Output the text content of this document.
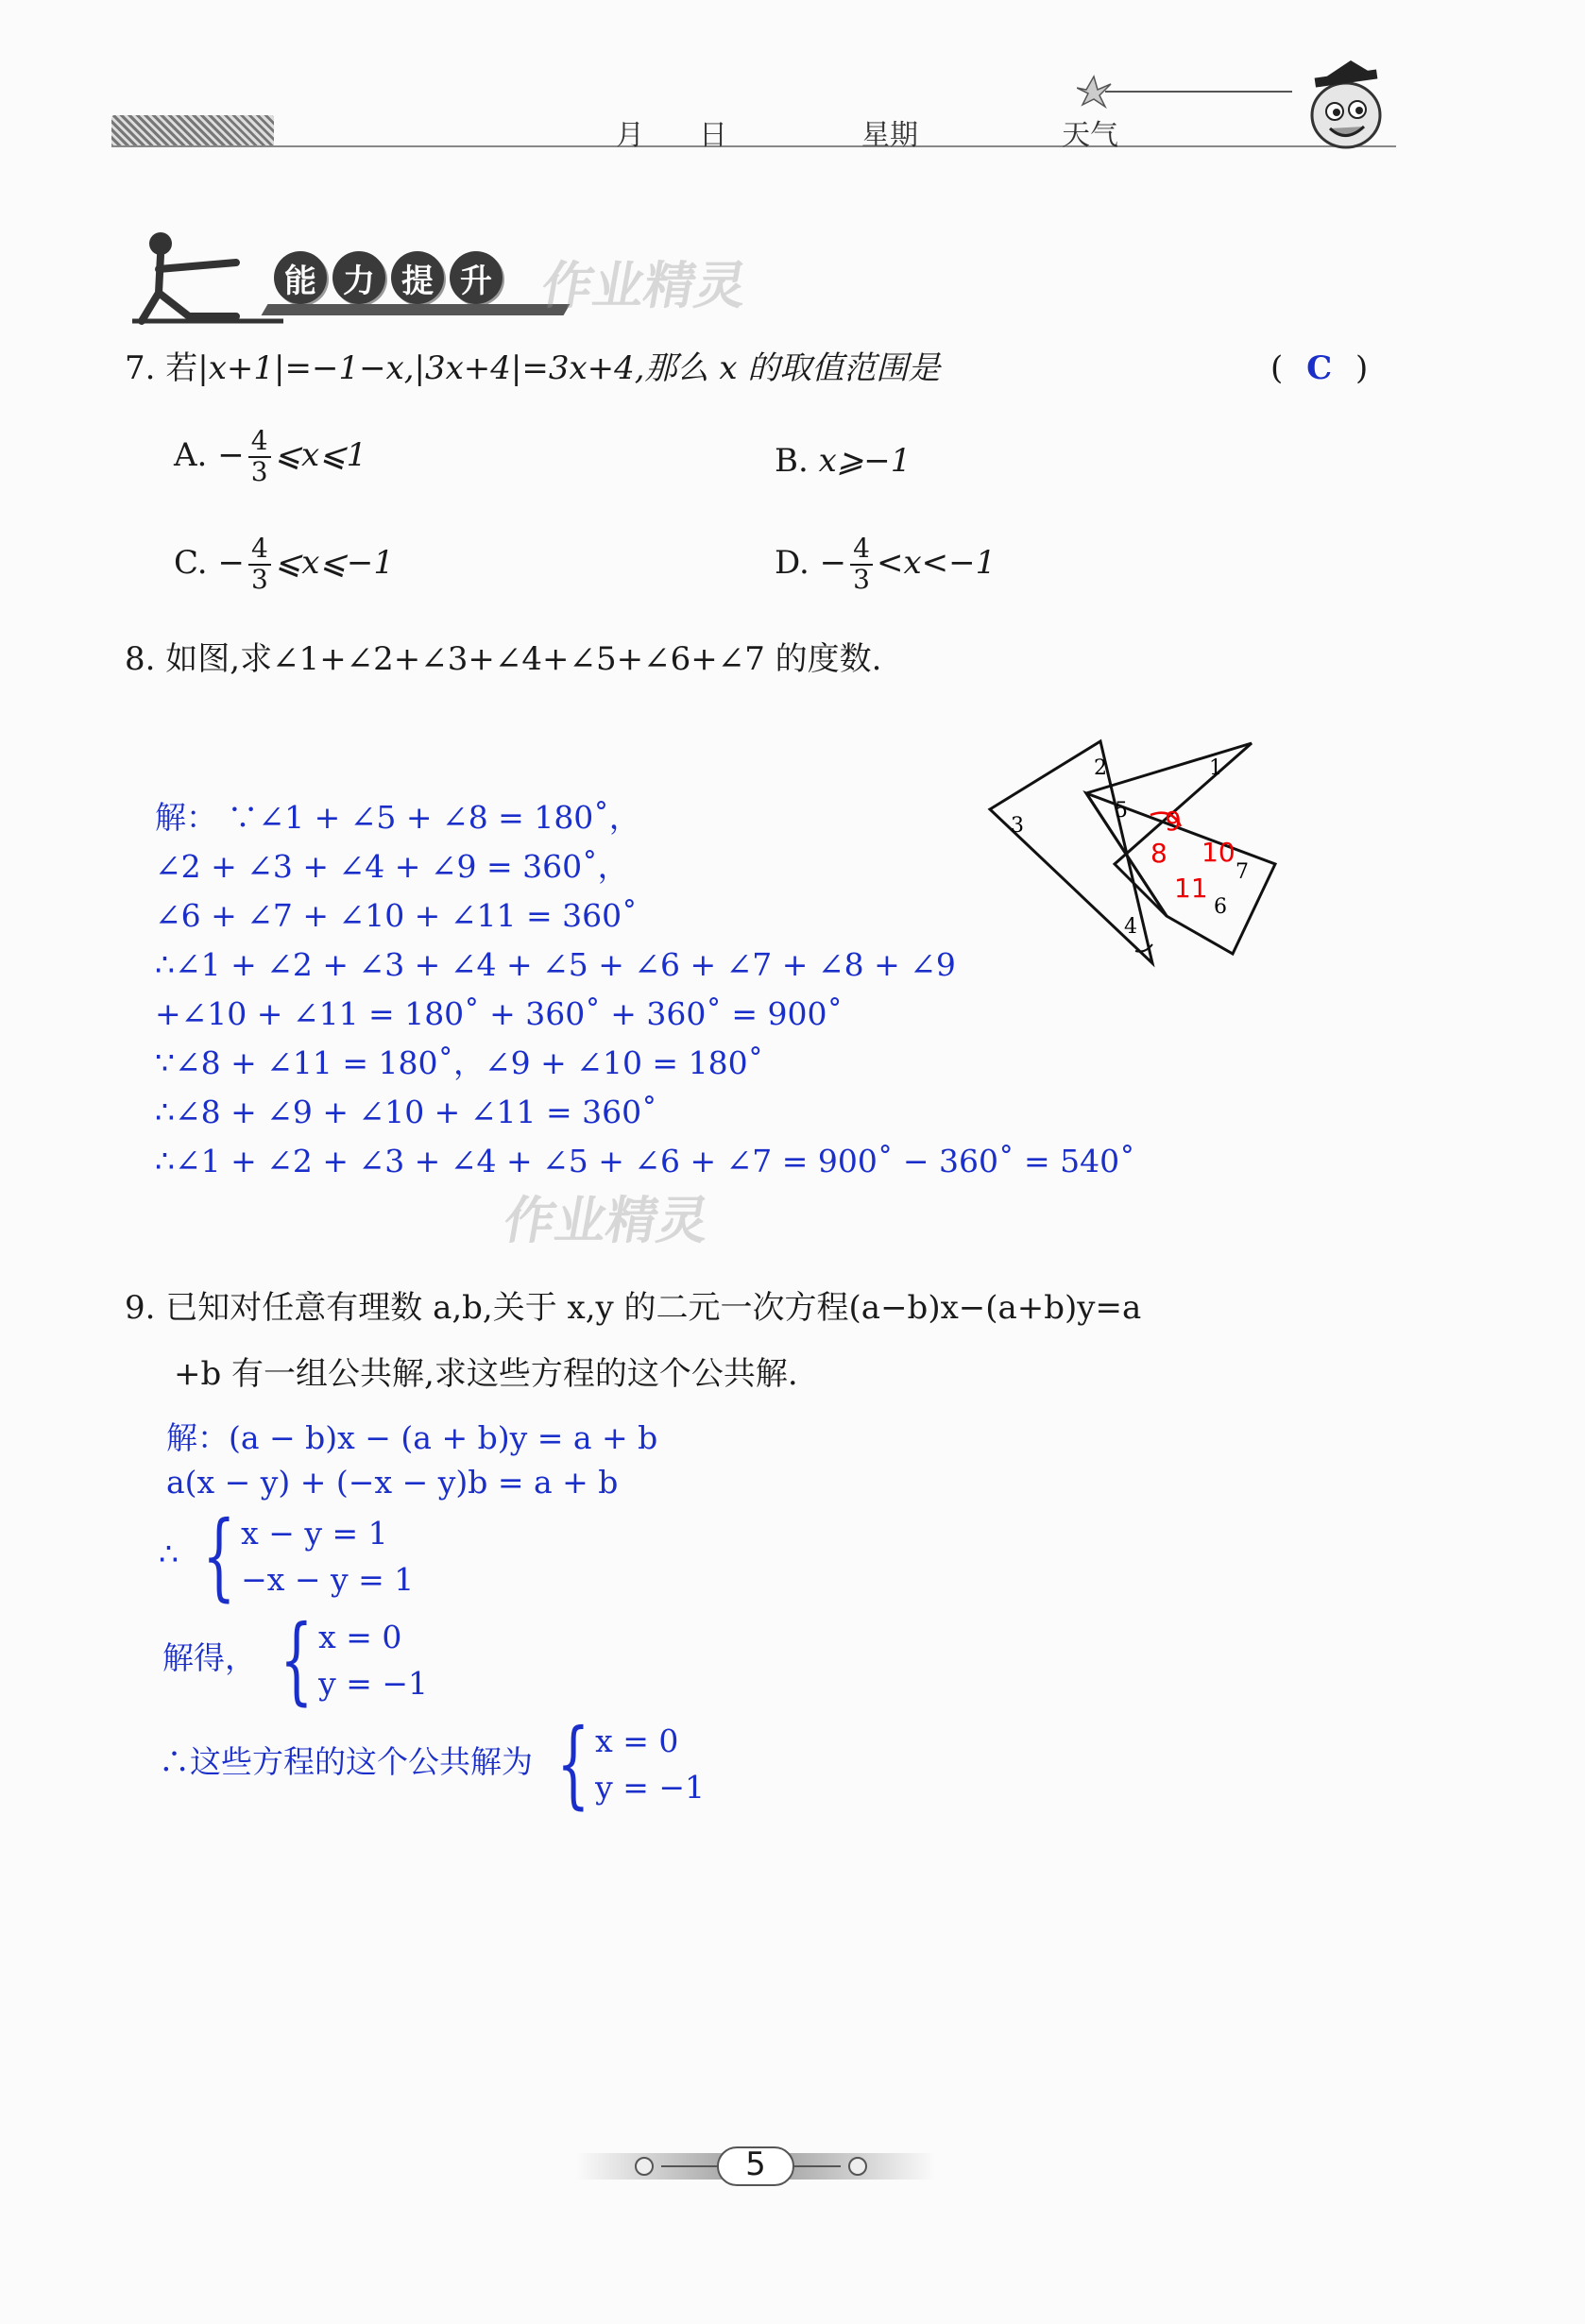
月 日	星期	天气
能 力 提 升 作业精灵
7. 若|x+1|=−1−x,|3x+4|=3x+4,那么 x 的取值范围是	( C )
A. − $\frac{4}{3}$ ⩽x⩽1	B. x⩾−1
C. − $\frac{4}{3}$ ⩽x⩽−1	D. − $\frac{4}{3} <x<-1$
8. 如图,求∠1+∠2+∠3+∠4+∠5+∠6+∠7 的度数.
3
2	1
5
7
6
4
9
8 10
11
解： ∵∠1 + ∠5 + ∠8 = 180˚，
∠2 + ∠3 + ∠4 + ∠9 = 360˚，
∠6 + ∠7 + ∠10 + ∠11 = 360˚
∴∠1 + ∠2 + ∠3 + ∠4 + ∠5 + ∠6 + ∠7 + ∠8 + ∠9
+∠10 + ∠11 = 180˚ + 360˚ + 360˚ = 900˚
∵∠8 + ∠11 = 180˚，∠9 + ∠10 = 180˚
∴∠8 + ∠9 + ∠10 + ∠11 = 360˚
∴∠1 + ∠2 + ∠3 + ∠4 + ∠5 + ∠6 + ∠7 = 900˚ − 360˚ = 540˚
作业精灵
9. 已知对任意有理数 a,b,关于 x,y 的二元一次方程(a−b)x−(a+b)y=a
+b 有一组公共解,求这些方程的这个公共解.
解：(a − b)x − (a + b)y = a + b
a(x − y) + (−x − y)b = a + b
∴ { x − y = 1
−x − y = 1
解得， { x = 0
y = −1
∴这些方程的这个公共解为 { x = 0
y = −1
5
